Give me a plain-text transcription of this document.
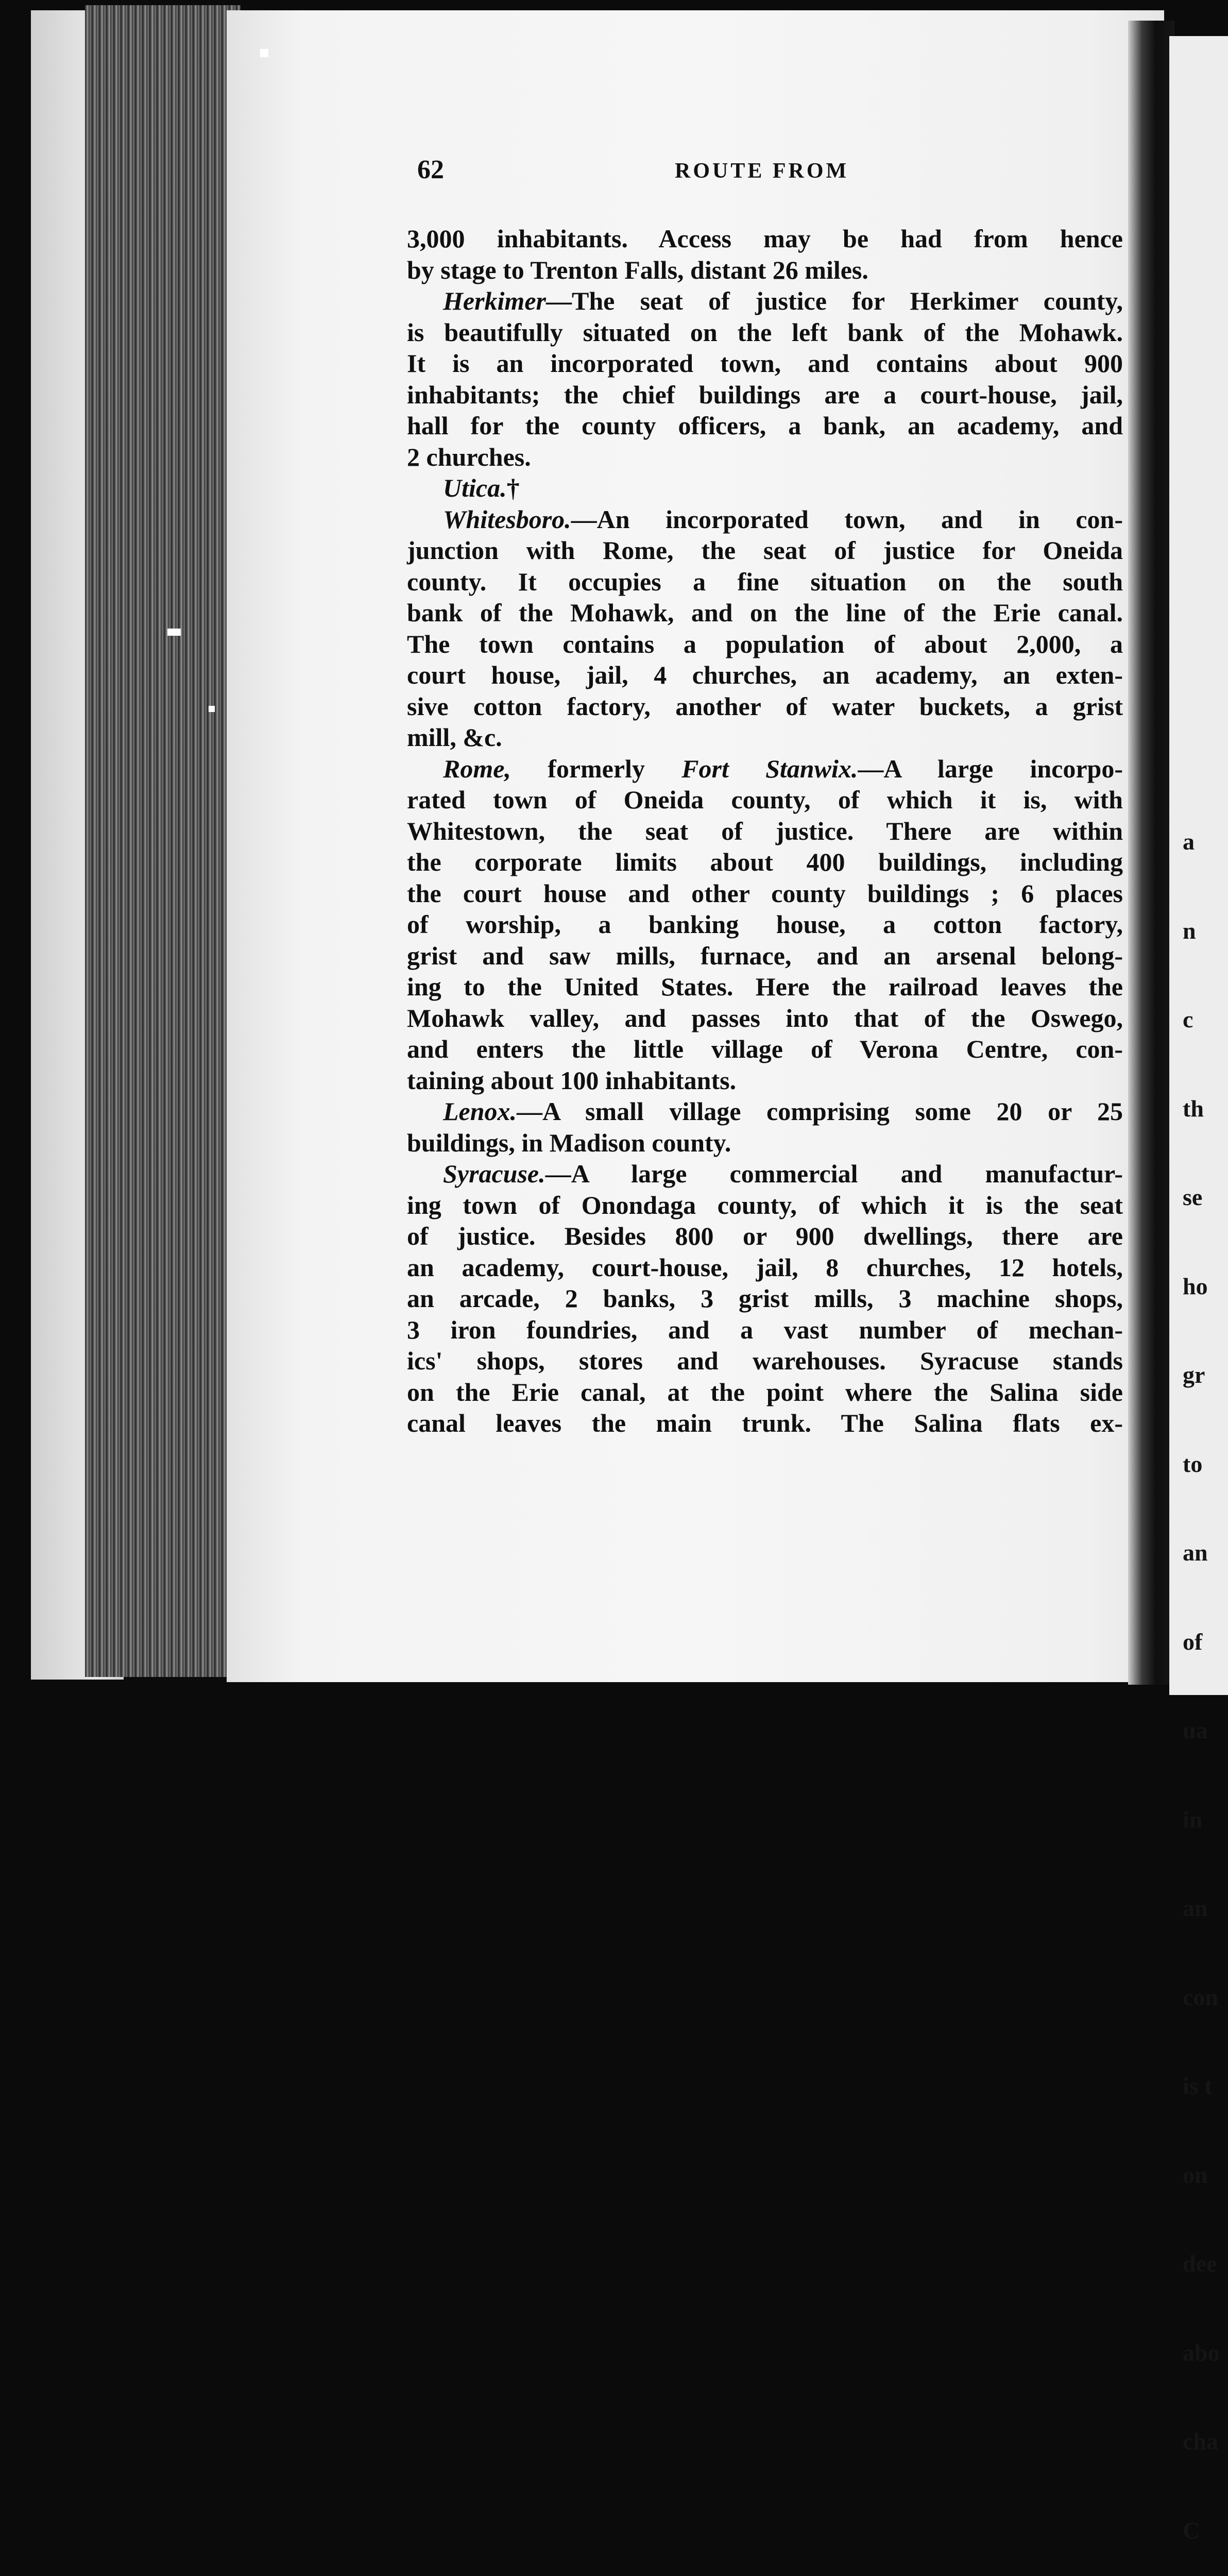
a

n

c

th

se

ho

gr

to

an

of

ua

in

an

con

is t

on

dee

abo

cha

C

62	ROUTE FROM
3,000 inhabitants. Access may be had from hence
by stage to Trenton Falls, distant 26 miles.
Herkimer—The seat of justice for Herkimer county,
is beautifully situated on the left bank of the Mohawk.
It is an incorporated town, and contains about 900
inhabitants; the chief buildings are a court-house, jail,
hall for the county officers, a bank, an academy, and
2 churches.
Utica.†
Whitesboro.—An incorporated town, and in con-
junction with Rome, the seat of justice for Oneida
county. It occupies a fine situation on the south
bank of the Mohawk, and on the line of the Erie canal.
The town contains a population of about 2,000, a
court house, jail, 4 churches, an academy, an exten-
sive cotton factory, another of water buckets, a grist
mill, &c.
Rome, formerly Fort Stanwix.—A large incorpo-
rated town of Oneida county, of which it is, with
Whitestown, the seat of justice. There are within
the corporate limits about 400 buildings, including
the court house and other county buildings ; 6 places
of worship, a banking house, a cotton factory,
grist and saw mills, furnace, and an arsenal belong-
ing to the United States. Here the railroad leaves the
Mohawk valley, and passes into that of the Oswego,
and enters the little village of Verona Centre, con-
taining about 100 inhabitants.
Lenox.—A small village comprising some 20 or 25
buildings, in Madison county.
Syracuse.—A large commercial and manufactur-
ing town of Onondaga county, of which it is the seat
of justice. Besides 800 or 900 dwellings, there are
an academy, court-house, jail, 8 churches, 12 hotels,
an arcade, 2 banks, 3 grist mills, 3 machine shops,
3 iron foundries, and a vast number of mechan-
ics' shops, stores and warehouses. Syracuse stands
on the Erie canal, at the point where the Salina side
canal leaves the main trunk. The Salina flats ex-
